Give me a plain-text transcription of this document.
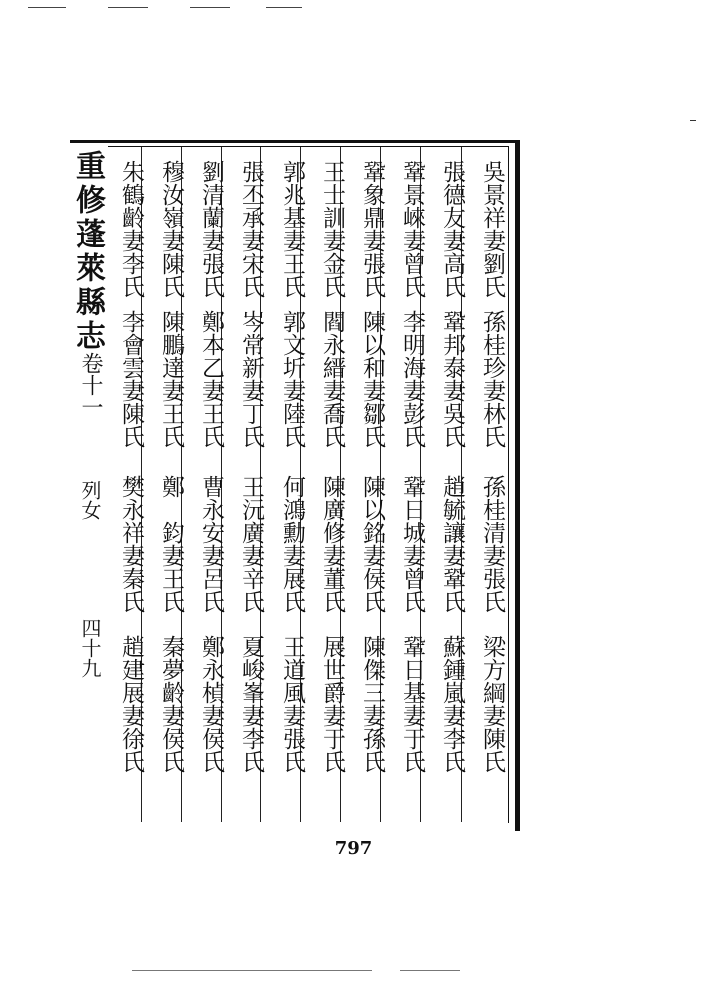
重修蓬萊縣志
卷十一
列女
四十九
吳景祥妻劉氏
孫桂珍妻林氏
孫桂清妻張氏
梁方綱妻陳氏
張德友妻高氏
鞏邦泰妻吳氏
趙毓讓妻鞏氏
蘇鍾嵐妻李氏
鞏景崍妻曾氏
李明海妻彭氏
鞏日城妻曾氏
鞏日基妻于氏
鞏象鼎妻張氏
陳以和妻鄒氏
陳以銘妻侯氏
陳傑三妻孫氏
王士訓妻金氏
閻永縉妻喬氏
陳廣修妻董氏
展世爵妻于氏
郭兆基妻王氏
郭文圻妻陸氏
何鴻勳妻展氏
王道風妻張氏
張丕承妻宋氏
岑常新妻丁氏
王沅廣妻辛氏
夏峻峯妻李氏
劉清蘭妻張氏
鄭本乙妻王氏
曹永安妻呂氏
鄭永楨妻侯氏
穆汝嶺妻陳氏
陳鵬達妻王氏
鄭　鈞妻王氏
秦夢齡妻侯氏
朱鶴齡妻李氏
李會雲妻陳氏
樊永祥妻秦氏
趙建展妻徐氏
797
